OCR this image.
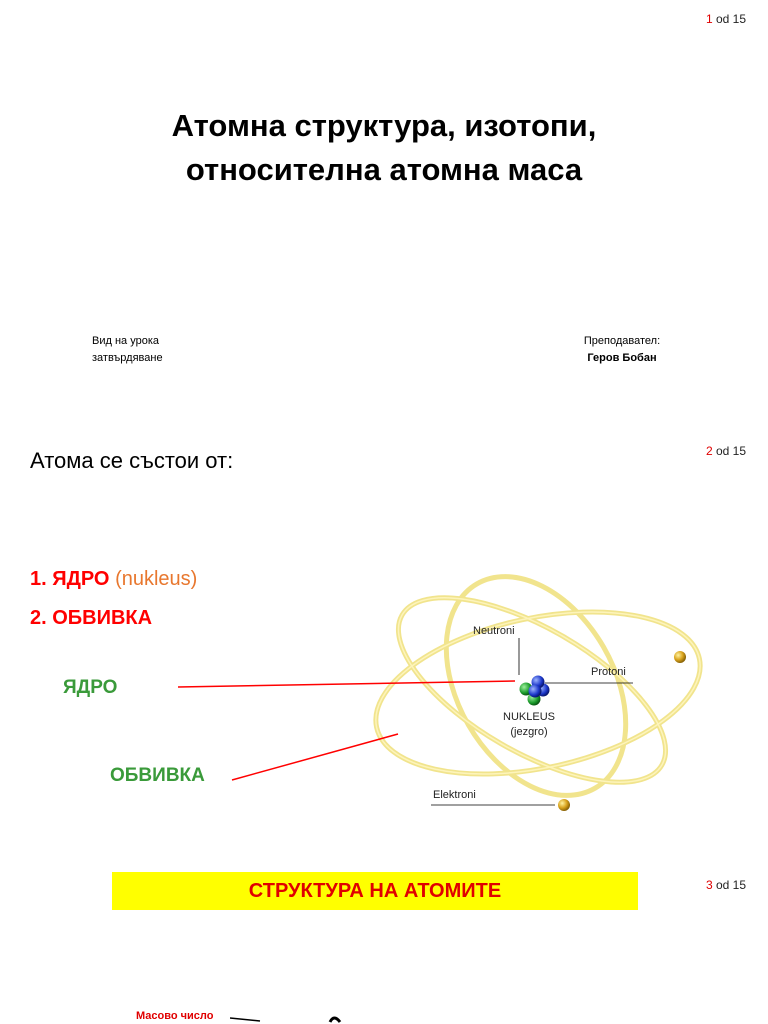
1 od 15
Атомна структура, изотопи,
относителна атомна маса
Вид на урока
затвърдяване
Преподавател:
Геров Бобан
2 od 15
Атома се състои от:
Neutroni
Protoni
NUKLEUS
(jezgro)
Elektroni
1. ЯДРО (nukleus)
2. ОБВИВКА
ЯДРО
ОБВИВКА
3 od 15
СТРУКТУРА НА АТОМИТЕ
Масово число
